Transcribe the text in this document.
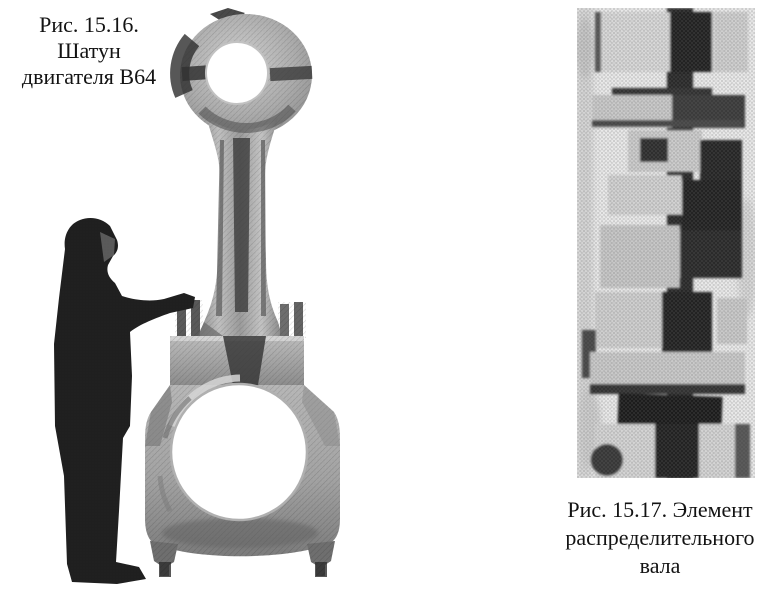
Рис. 15.16.
Шатун
двигателя В64
Рис. 15.17. Элемент
распределительного
вала
